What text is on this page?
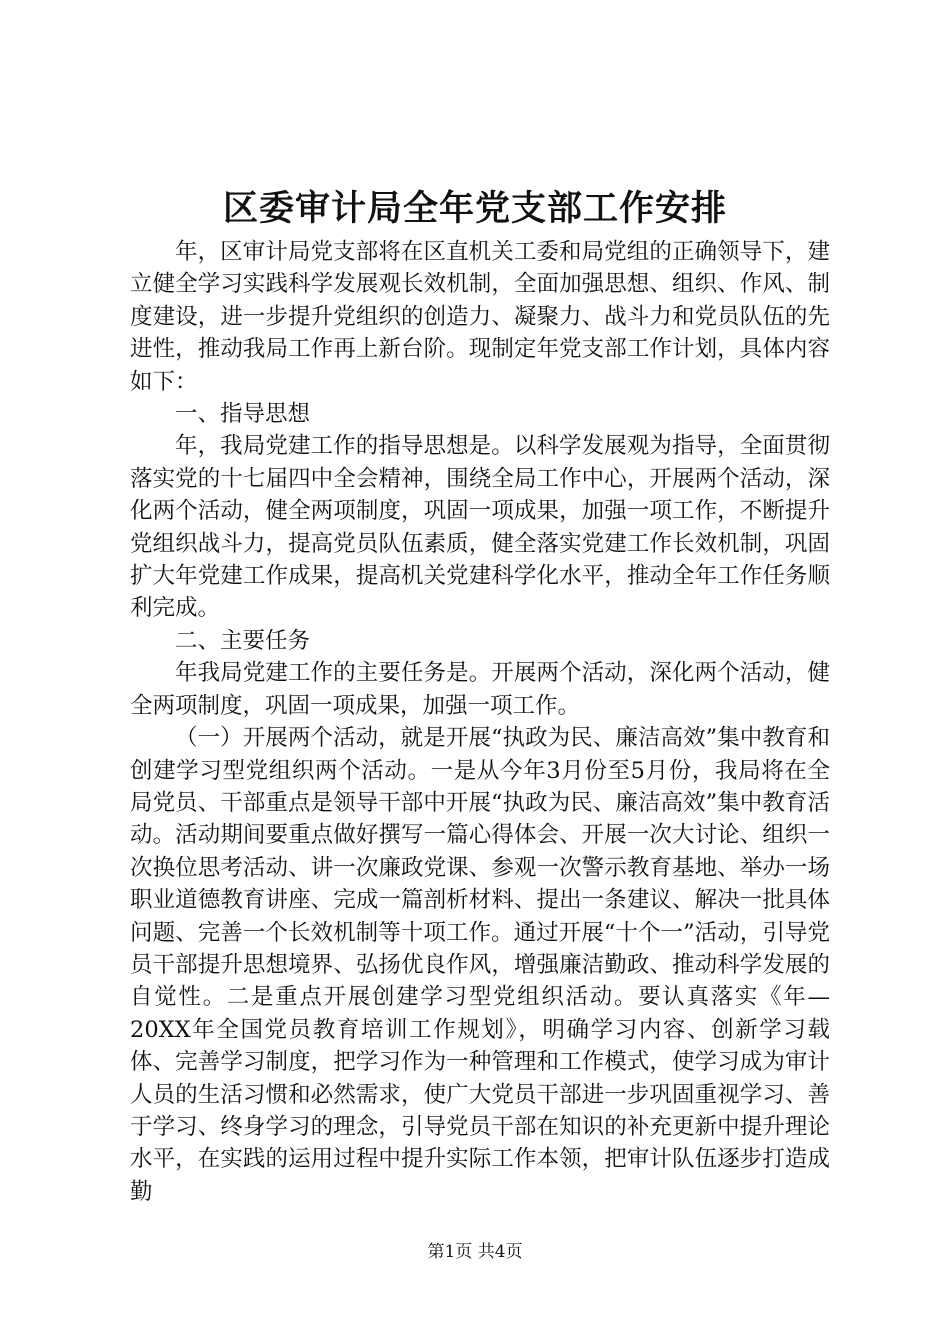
区委审计局全年党支部工作安排

年，区审计局党支部将在区直机关工委和局党组的正确领导下，建立健全学习实践科学发展观长效机制，全面加强思想、组织、作风、制度建设，进一步提升党组织的创造力、凝聚力、战斗力和党员队伍的先进性，推动我局工作再上新台阶。现制定年党支部工作计划，具体内容如下：

一、指导思想

年，我局党建工作的指导思想是。以科学发展观为指导，全面贯彻落实党的十七届四中全会精神，围绕全局工作中心，开展两个活动，深化两个活动，健全两项制度，巩固一项成果，加强一项工作，不断提升党组织战斗力，提高党员队伍素质，健全落实党建工作长效机制，巩固扩大年党建工作成果，提高机关党建科学化水平，推动全年工作任务顺利完成。

二、主要任务

年我局党建工作的主要任务是。开展两个活动，深化两个活动，健全两项制度，巩固一项成果，加强一项工作。

（一）开展两个活动，就是开展“执政为民、廉洁高效”集中教育和创建学习型党组织两个活动。一是从今年3月份至5月份，我局将在全局党员、干部重点是领导干部中开展“执政为民、廉洁高效”集中教育活动。活动期间要重点做好撰写一篇心得体会、开展一次大讨论、组织一次换位思考活动、讲一次廉政党课、参观一次警示教育基地、举办一场职业道德教育讲座、完成一篇剖析材料、提出一条建议、解决一批具体问题、完善一个长效机制等十项工作。通过开展“十个一”活动，引导党员干部提升思想境界、弘扬优良作风，增强廉洁勤政、推动科学发展的自觉性。二是重点开展创建学习型党组织活动。要认真落实《年—20XX年全国党员教育培训工作规划》，明确学习内容、创新学习载体、完善学习制度，把学习作为一种管理和工作模式，使学习成为审计人员的生活习惯和必然需求，使广大党员干部进一步巩固重视学习、善于学习、终身学习的理念，引导党员干部在知识的补充更新中提升理论水平，在实践的运用过程中提升实际工作本领，把审计队伍逐步打造成勤

第1页 共4页
